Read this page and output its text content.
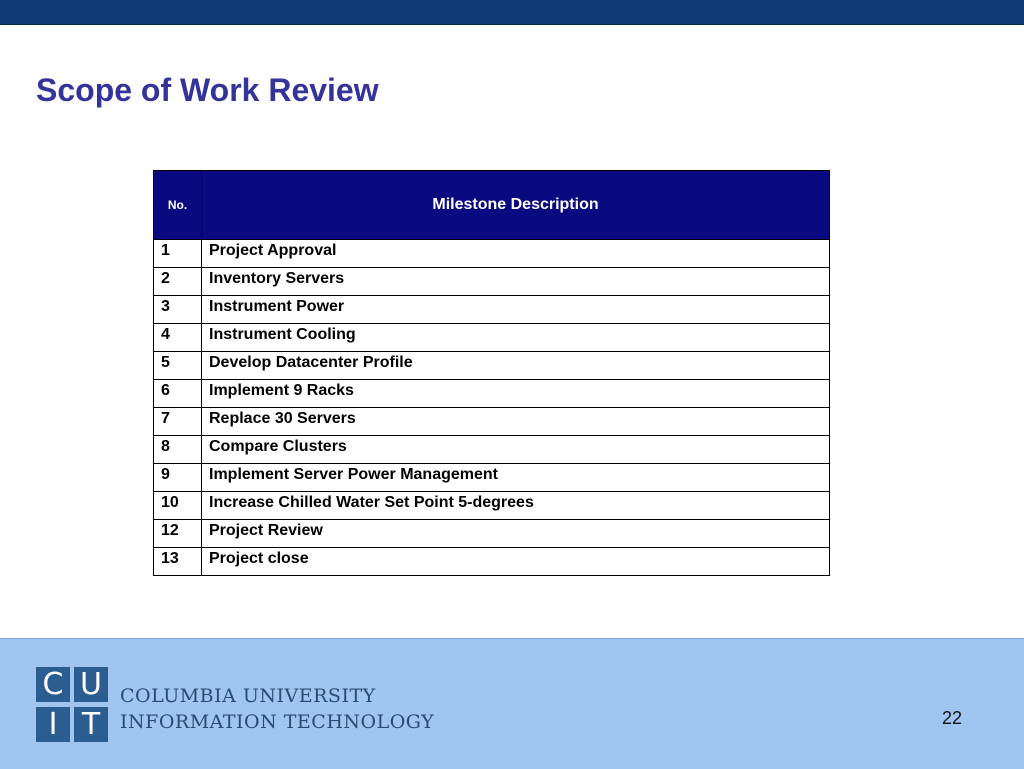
Scope of Work Review
No.	Milestone Description
1	Project Approval
2	Inventory Servers
3	Instrument Power
4	Instrument Cooling
5	Develop Datacenter Profile
6	Implement 9 Racks
7	Replace 30 Servers
8	Compare Clusters
9	Implement Server Power Management
10	Increase Chilled Water Set Point 5-degrees
12	Project Review
13	Project close
C U
I T
COLUMBIA UNIVERSITY
INFORMATION TECHNOLOGY	22
